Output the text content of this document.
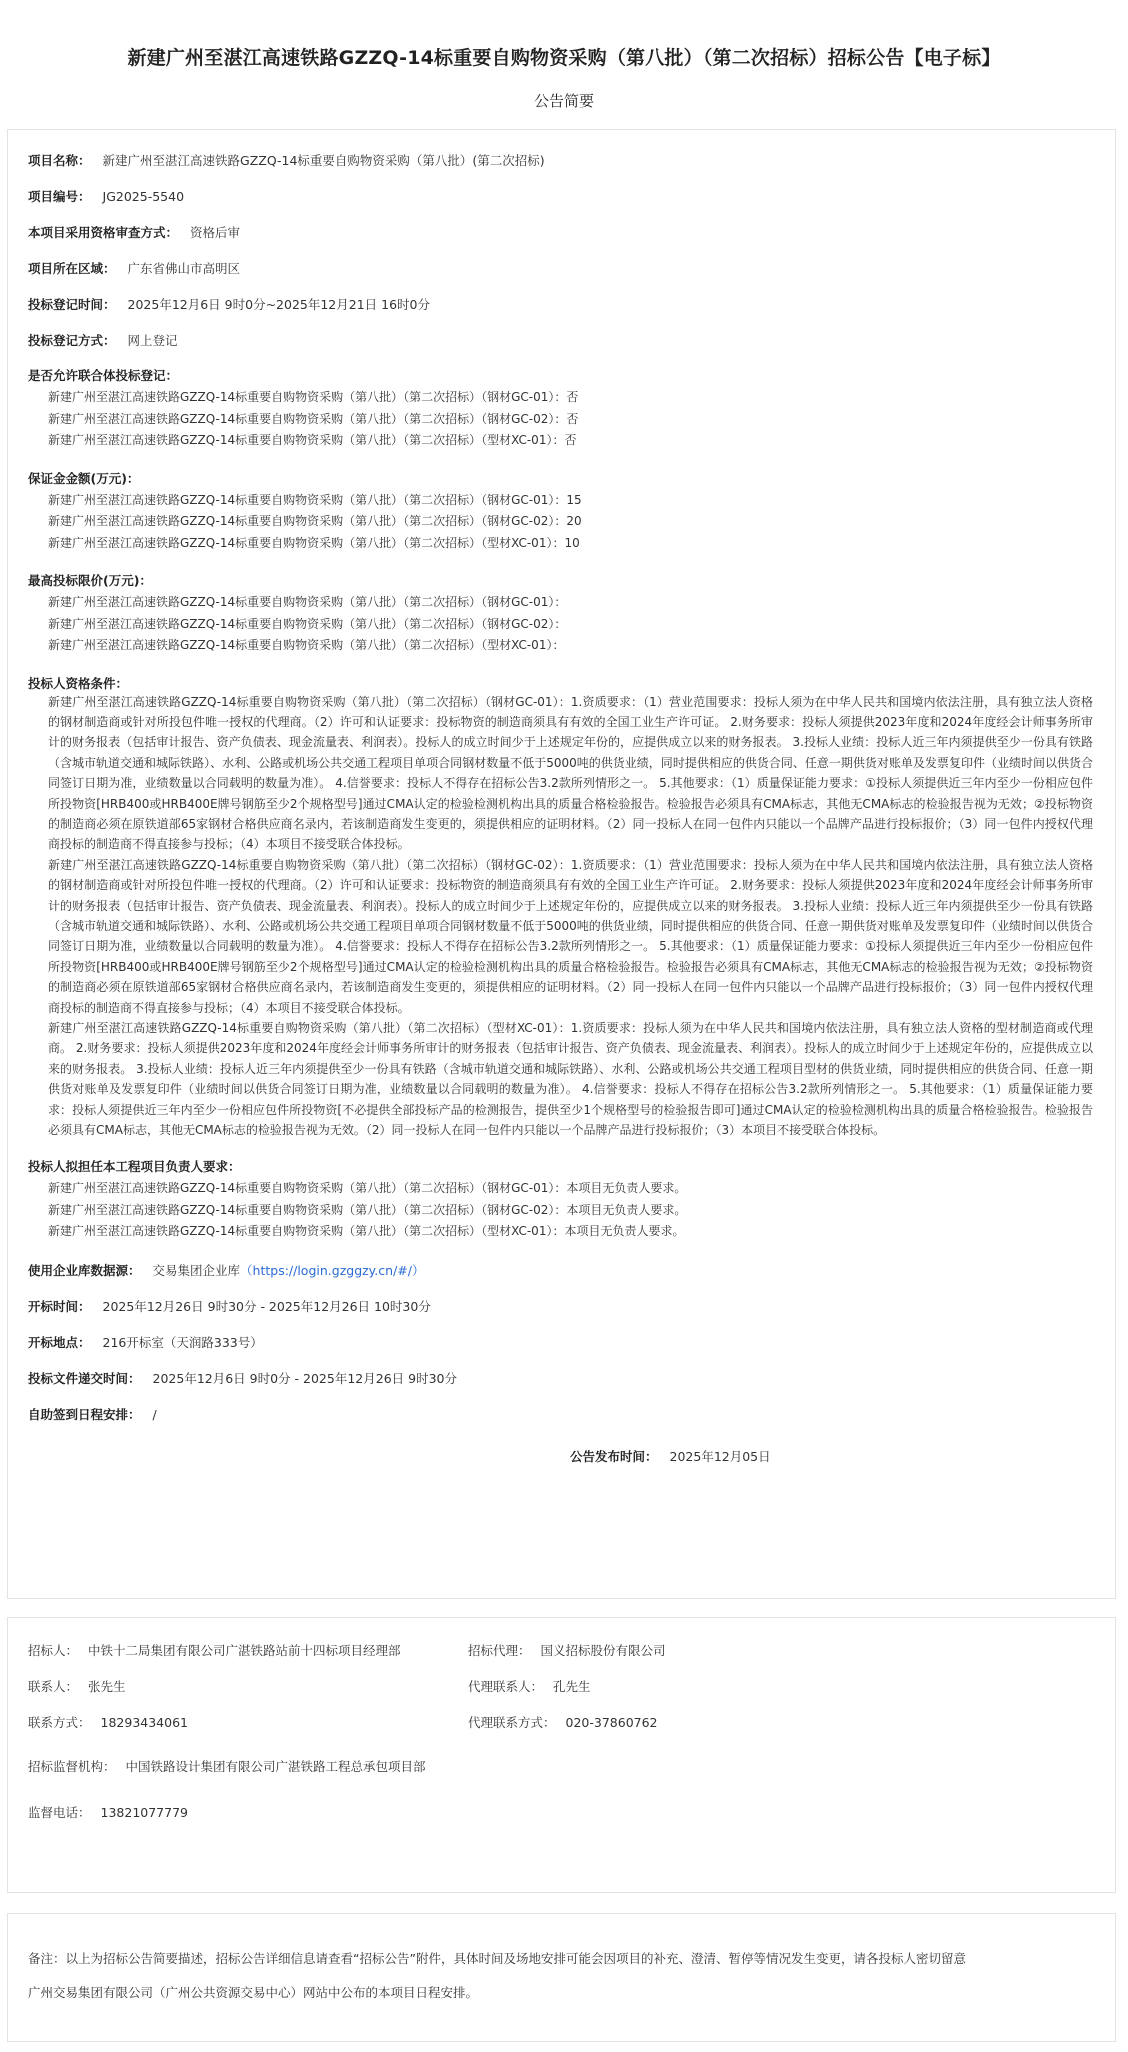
新建广州至湛江高速铁路GZZQ-14标重要自购物资采购（第八批）（第二次招标）招标公告【电子标】
公告简要
项目名称： 新建广州至湛江高速铁路GZZQ-14标重要自购物资采购（第八批）(第二次招标)
项目编号： JG2025-5540
本项目采用资格审查方式： 资格后审
项目所在区域： 广东省佛山市高明区
投标登记时间： 2025年12月6日 9时0分~2025年12月21日 16时0分
投标登记方式： 网上登记
是否允许联合体投标登记：
新建广州至湛江高速铁路GZZQ-14标重要自购物资采购（第八批）（第二次招标）（钢材GC-01）：否
新建广州至湛江高速铁路GZZQ-14标重要自购物资采购（第八批）（第二次招标）（钢材GC-02）：否
新建广州至湛江高速铁路GZZQ-14标重要自购物资采购（第八批）（第二次招标）（型材XC-01）：否
保证金金额(万元)：
新建广州至湛江高速铁路GZZQ-14标重要自购物资采购（第八批）（第二次招标）（钢材GC-01）：15
新建广州至湛江高速铁路GZZQ-14标重要自购物资采购（第八批）（第二次招标）（钢材GC-02）：20
新建广州至湛江高速铁路GZZQ-14标重要自购物资采购（第八批）（第二次招标）（型材XC-01）：10
最高投标限价(万元)：
新建广州至湛江高速铁路GZZQ-14标重要自购物资采购（第八批）（第二次招标）（钢材GC-01）：
新建广州至湛江高速铁路GZZQ-14标重要自购物资采购（第八批）（第二次招标）（钢材GC-02）：
新建广州至湛江高速铁路GZZQ-14标重要自购物资采购（第八批）（第二次招标）（型材XC-01）：
投标人资格条件：
新建广州至湛江高速铁路GZZQ-14标重要自购物资采购（第八批）（第二次招标）（钢材GC-01）：1.资质要求：（1）营业范围要求：投标人须为在中华人民共和国境内依法注册，具有独立法人资格的钢材制造商或针对所投包件唯一授权的代理商。（2）许可和认证要求：投标物资的制造商须具有有效的全国工业生产许可证。 2.财务要求：投标人须提供2023年度和2024年度经会计师事务所审计的财务报表（包括审计报告、资产负债表、现金流量表、利润表）。投标人的成立时间少于上述规定年份的，应提供成立以来的财务报表。 3.投标人业绩：投标人近三年内须提供至少一份具有铁路（含城市轨道交通和城际铁路）、水利、公路或机场公共交通工程项目单项合同钢材数量不低于5000吨的供货业绩，同时提供相应的供货合同、任意一期供货对账单及发票复印件（业绩时间以供货合同签订日期为准，业绩数量以合同载明的数量为准）。 4.信誉要求：投标人不得存在招标公告3.2款所列情形之一。 5.其他要求：（1）质量保证能力要求：①投标人须提供近三年内至少一份相应包件所投物资[HRB400或HRB400E牌号钢筋至少2个规格型号]通过CMA认定的检验检测机构出具的质量合格检验报告。检验报告必须具有CMA标志，其他无CMA标志的检验报告视为无效；②投标物资的制造商必须在原铁道部65家钢材合格供应商名录内，若该制造商发生变更的，须提供相应的证明材料。（2）同一投标人在同一包件内只能以一个品牌产品进行投标报价；（3）同一包件内授权代理商投标的制造商不得直接参与投标；（4）本项目不接受联合体投标。
新建广州至湛江高速铁路GZZQ-14标重要自购物资采购（第八批）（第二次招标）（钢材GC-02）：1.资质要求：（1）营业范围要求：投标人须为在中华人民共和国境内依法注册，具有独立法人资格的钢材制造商或针对所投包件唯一授权的代理商。（2）许可和认证要求：投标物资的制造商须具有有效的全国工业生产许可证。 2.财务要求：投标人须提供2023年度和2024年度经会计师事务所审计的财务报表（包括审计报告、资产负债表、现金流量表、利润表）。投标人的成立时间少于上述规定年份的，应提供成立以来的财务报表。 3.投标人业绩：投标人近三年内须提供至少一份具有铁路（含城市轨道交通和城际铁路）、水利、公路或机场公共交通工程项目单项合同钢材数量不低于5000吨的供货业绩，同时提供相应的供货合同、任意一期供货对账单及发票复印件（业绩时间以供货合同签订日期为准，业绩数量以合同载明的数量为准）。 4.信誉要求：投标人不得存在招标公告3.2款所列情形之一。 5.其他要求：（1）质量保证能力要求：①投标人须提供近三年内至少一份相应包件所投物资[HRB400或HRB400E牌号钢筋至少2个规格型号]通过CMA认定的检验检测机构出具的质量合格检验报告。检验报告必须具有CMA标志，其他无CMA标志的检验报告视为无效；②投标物资的制造商必须在原铁道部65家钢材合格供应商名录内，若该制造商发生变更的，须提供相应的证明材料。（2）同一投标人在同一包件内只能以一个品牌产品进行投标报价；（3）同一包件内授权代理商投标的制造商不得直接参与投标；（4）本项目不接受联合体投标。
新建广州至湛江高速铁路GZZQ-14标重要自购物资采购（第八批）（第二次招标）（型材XC-01）：1.资质要求：投标人须为在中华人民共和国境内依法注册，具有独立法人资格的型材制造商或代理商。 2.财务要求：投标人须提供2023年度和2024年度经会计师事务所审计的财务报表（包括审计报告、资产负债表、现金流量表、利润表）。投标人的成立时间少于上述规定年份的，应提供成立以来的财务报表。 3.投标人业绩：投标人近三年内须提供至少一份具有铁路（含城市轨道交通和城际铁路）、水利、公路或机场公共交通工程项目型材的供货业绩，同时提供相应的供货合同、任意一期供货对账单及发票复印件（业绩时间以供货合同签订日期为准，业绩数量以合同载明的数量为准）。 4.信誉要求：投标人不得存在招标公告3.2款所列情形之一。 5.其他要求：（1）质量保证能力要求：投标人须提供近三年内至少一份相应包件所投物资[不必提供全部投标产品的检测报告，提供至少1个规格型号的检验报告即可]通过CMA认定的检验检测机构出具的质量合格检验报告。检验报告必须具有CMA标志，其他无CMA标志的检验报告视为无效。（2）同一投标人在同一包件内只能以一个品牌产品进行投标报价；（3）本项目不接受联合体投标。
投标人拟担任本工程项目负责人要求：
新建广州至湛江高速铁路GZZQ-14标重要自购物资采购（第八批）（第二次招标）（钢材GC-01）：本项目无负责人要求。
新建广州至湛江高速铁路GZZQ-14标重要自购物资采购（第八批）（第二次招标）（钢材GC-02）：本项目无负责人要求。
新建广州至湛江高速铁路GZZQ-14标重要自购物资采购（第八批）（第二次招标）（型材XC-01）：本项目无负责人要求。
使用企业库数据源： 交易集团企业库（https://login.gzggzy.cn/#/）
开标时间： 2025年12月26日 9时30分 - 2025年12月26日 10时30分
开标地点： 216开标室（天润路333号）
投标文件递交时间： 2025年12月6日 9时0分 - 2025年12月26日 9时30分
自助签到日程安排： /
公告发布时间： 2025年12月05日
招标人： 中铁十二局集团有限公司广湛铁路站前十四标项目经理部	招标代理： 国义招标股份有限公司
联系人： 张先生	代理联系人： 孔先生
联系方式： 18293434061	代理联系方式： 020-37860762
招标监督机构： 中国铁路设计集团有限公司广湛铁路工程总承包项目部
监督电话： 13821077779
备注：以上为招标公告简要描述，招标公告详细信息请查看“招标公告”附件，具体时间及场地安排可能会因项目的补充、澄清、暂停等情况发生变更，请各投标人密切留意
广州交易集团有限公司（广州公共资源交易中心）网站中公布的本项目日程安排。
